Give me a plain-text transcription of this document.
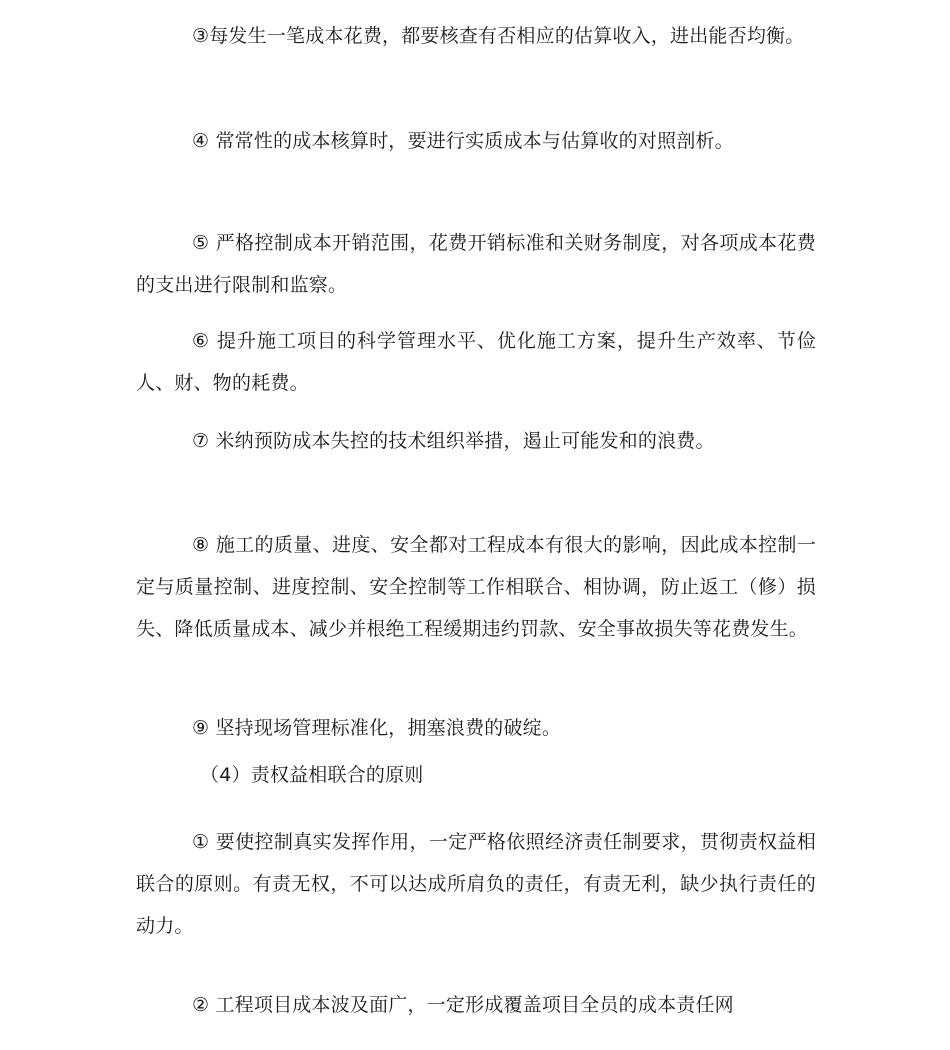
③每发生一笔成本花费，都要核查有否相应的估算收入，进出能否均衡。

④ 常常性的成本核算时，要进行实质成本与估算收的对照剖析。

⑤ 严格控制成本开销范围，花费开销标准和关财务制度，对各项成本花费的支出进行限制和监察。

⑥ 提升施工项目的科学管理水平、优化施工方案，提升生产效率、节俭人、财、物的耗费。

⑦ 米纳预防成本失控的技术组织举措，遏止可能发和的浪费。

⑧ 施工的质量、进度、安全都对工程成本有很大的影响，因此成本控制一定与质量控制、进度控制、安全控制等工作相联合、相协调，防止返工（修）损失、降低质量成本、减少并根绝工程缓期违约罚款、安全事故损失等花费发生。

⑨ 坚持现场管理标准化，拥塞浪费的破绽。

（4）责权益相联合的原则

① 要使控制真实发挥作用，一定严格依照经济责任制要求，贯彻责权益相联合的原则。有责无权，不可以达成所肩负的责任，有责无利，缺少执行责任的动力。

② 工程项目成本波及面广，一定形成覆盖项目全员的成本责任网
